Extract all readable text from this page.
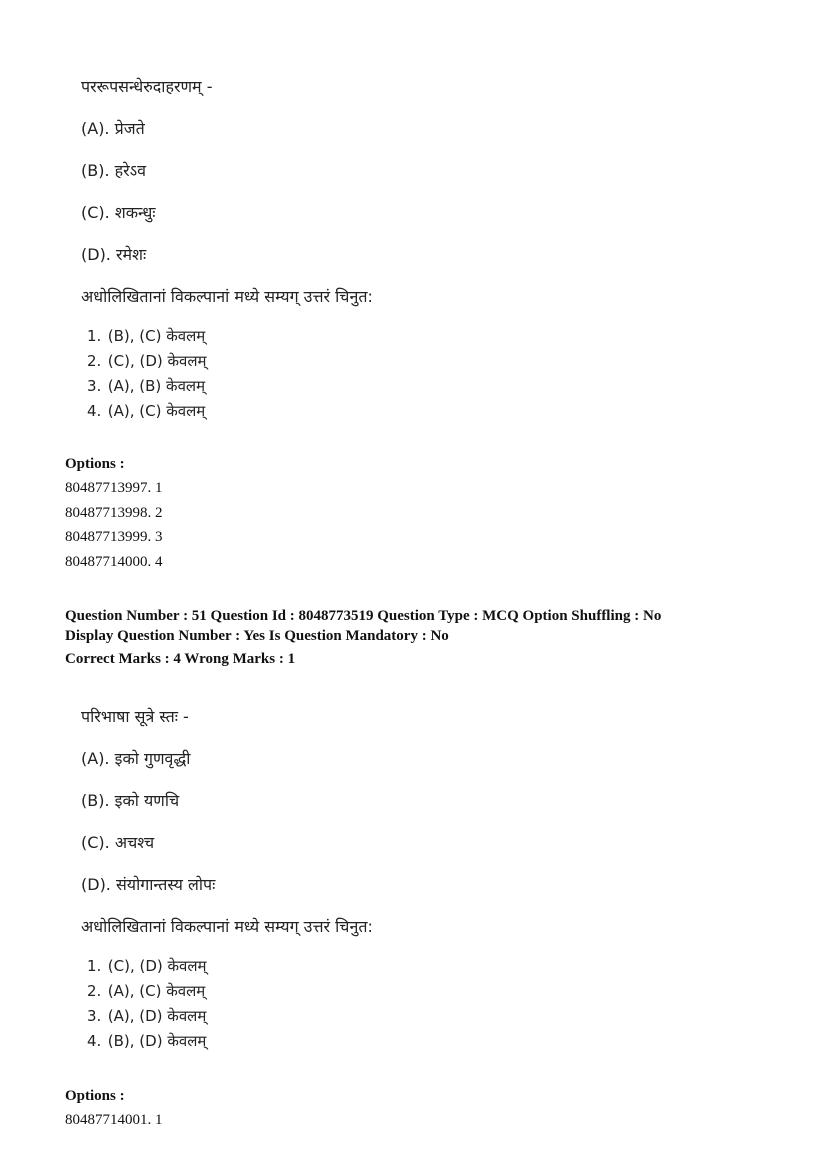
पररूपसन्धेरुदाहरणम् -
(A). प्रेजते
(B). हरेऽव
(C). शकन्धुः
(D). रमेशः
अधोलिखितानां विकल्पानां मध्ये सम्यग् उत्तरं चिनुत:
1. (B), (C) केवलम्
2. (C), (D) केवलम्
3. (A), (B) केवलम्
4. (A), (C) केवलम्
Options :
80487713997. 1
80487713998. 2
80487713999. 3
80487714000. 4
Question Number : 51 Question Id : 8048773519 Question Type : MCQ Option Shuffling : No
Display Question Number : Yes Is Question Mandatory : No
Correct Marks : 4 Wrong Marks : 1
परिभाषा सूत्रे स्तः -
(A). इको गुणवृद्धी
(B). इको यणचि
(C). अचश्च
(D). संयोगान्तस्य लोपः
अधोलिखितानां विकल्पानां मध्ये सम्यग् उत्तरं चिनुत:
1. (C), (D) केवलम्
2. (A), (C) केवलम्
3. (A), (D) केवलम्
4. (B), (D) केवलम्
Options :
80487714001. 1
